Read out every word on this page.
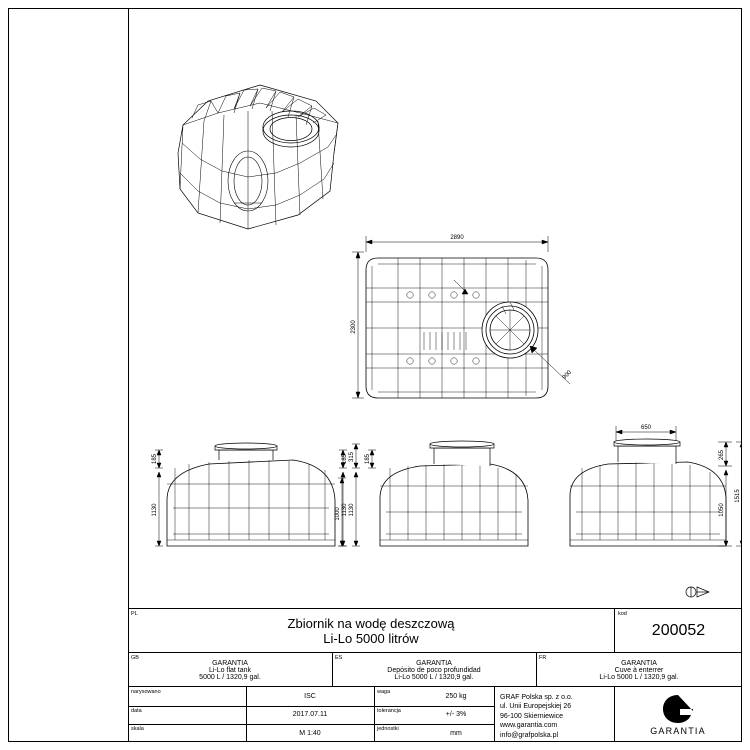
2890
2300
900
185
1130
185
1130
315 185
1130
1000
650
265
1050
1515
PL
Zbiornik na wodę deszczową
Li-Lo 5000 litrów
kod
200052
GB
GARANTIA
Li-Lo flat tank
5000 L / 1320,9 gal.
ES
GARANTIA
Depósito de poco profundidad
Li-Lo 5000 L / 1320,9 gal.
FR
GARANTIA
Cuve à enterrer
Li-Lo 5000 L / 1320,9 gal.
narysowano
data
skala
ISC
2017.07.11
M 1:40
waga
tolerancja
jednostki
250 kg
+/- 3%
mm
GRAF Polska sp. z o.o.
ul. Unii Europejskiej 26
96-100 Skierniewice
www.garantia.com
info@grafpolska.pl	GARANTIA
